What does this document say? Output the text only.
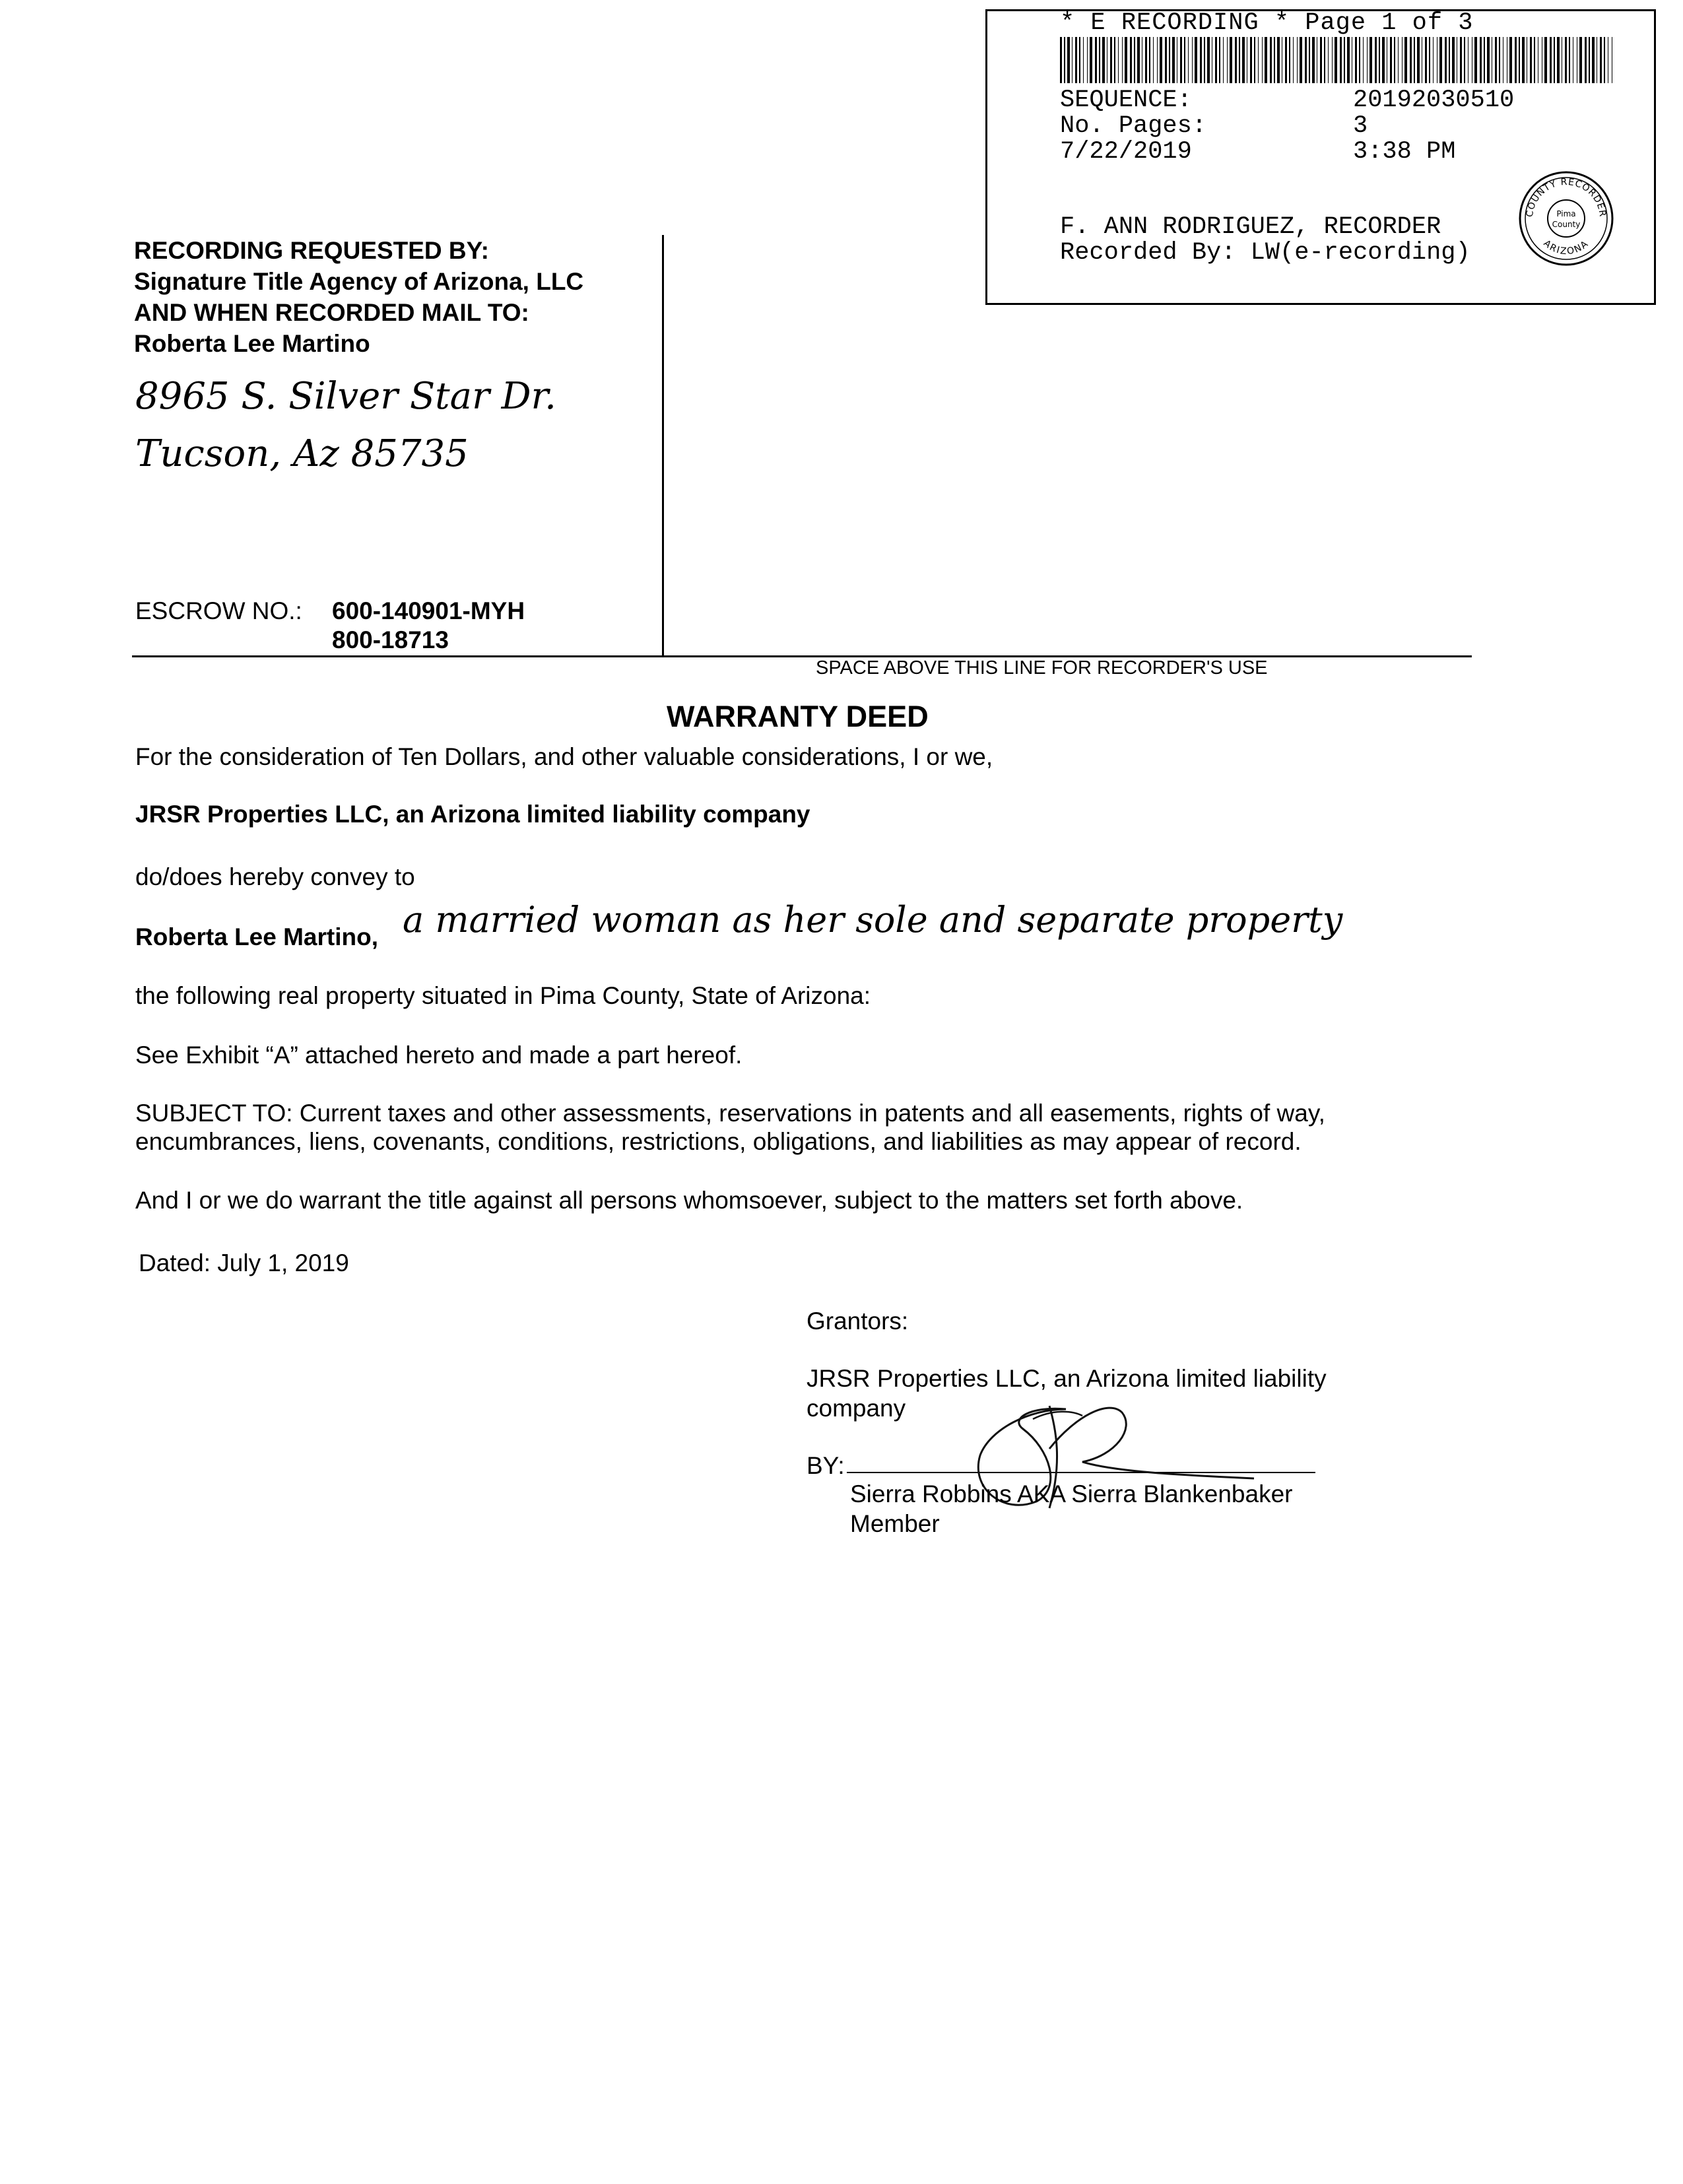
* E RECORDING * Page 1 of 3
SEQUENCE:	20192030510
No. Pages:	3
7/22/2019	3:38 PM
F. ANN RODRIGUEZ, RECORDER
Recorded By: LW(e-recording)
COUNTY RECORDER
ARIZONA
Pima
County
RECORDING REQUESTED BY:
Signature Title Agency of Arizona, LLC
AND WHEN RECORDED MAIL TO:
Roberta Lee Martino
8965 S. Silver Star Dr.
Tucson, Az 85735
ESCROW NO.: 600-140901-MYH
800-18713
SPACE ABOVE THIS LINE FOR RECORDER'S USE
WARRANTY DEED
For the consideration of Ten Dollars, and other valuable considerations, I or we,
JRSR Properties LLC, an Arizona limited liability company
do/does hereby convey to
Roberta Lee Martino, a married woman as her sole and separate property
the following real property situated in Pima County, State of Arizona:
See Exhibit “A” attached hereto and made a part hereof.
SUBJECT TO: Current taxes and other assessments, reservations in patents and all easements, rights of way,
encumbrances, liens, covenants, conditions, restrictions, obligations, and liabilities as may appear of record.
And I or we do warrant the title against all persons whomsoever, subject to the matters set forth above.
Dated: July 1, 2019
Grantors:
JRSR Properties LLC, an Arizona limited liability
company
BY:
Sierra Robbins AKA Sierra Blankenbaker
Member
